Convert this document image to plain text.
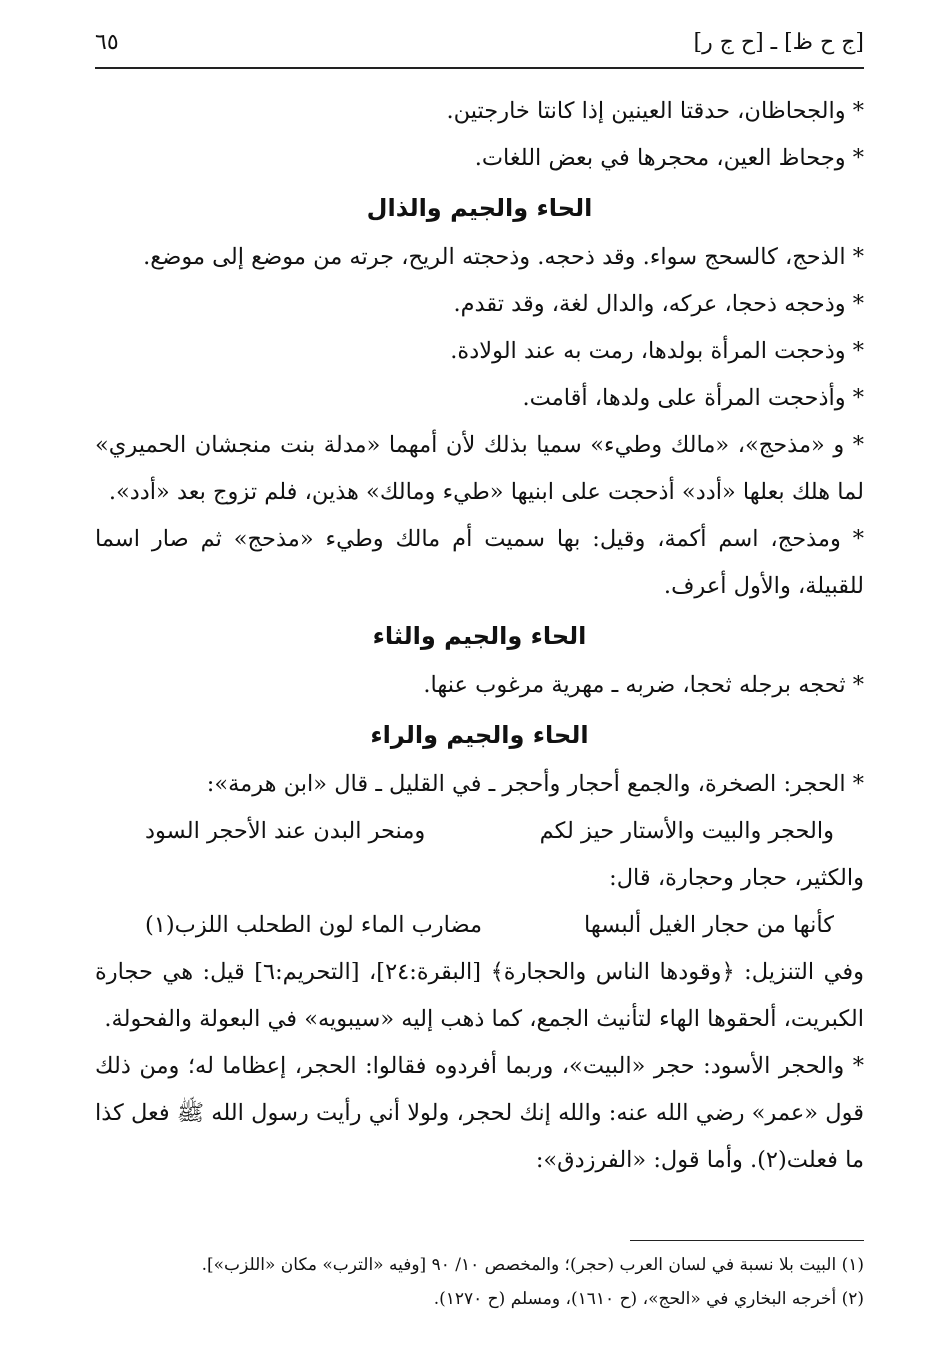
[ج ح ظ] ـ [ح ج ر]
٦٥

* والجحاظان، حدقتا العينين إذا كانتا خارجتين.

* وجحاظ العين، محجرها في بعض اللغات.

الحاء والجيم والذال

* الذحج، كالسحج سواء. وقد ذحجه. وذحجته الريح، جرته من موضع إلى موضع.

* وذحجه ذحجا، عركه، والدال لغة، وقد تقدم.

* وذحجت المرأة بولدها، رمت به عند الولادة.

* وأذحجت المرأة على ولدها، أقامت.

* و «مذحج»، «مالك وطيء» سميا بذلك لأن أمهما «مدلة بنت منجشان الحميري» لما هلك بعلها «أدد» أذحجت على ابنيها «طيء ومالك» هذين، فلم تزوج بعد «أدد».

* ومذحج، اسم أكمة، وقيل: بها سميت أم مالك وطيء «مذحج» ثم صار اسما للقبيلة، والأول أعرف.

الحاء والجيم والثاء

* ثحجه برجله ثحجا، ضربه ـ مهرية مرغوب عنها.

الحاء والجيم والراء

* الحجر: الصخرة، والجمع أحجار وأحجر ـ في القليل ـ قال «ابن هرمة»:

والحجر والبيت والأستار حيز لكم
ومنحر البدن عند الأحجر السود

والكثير، حجار وحجارة، قال:

كأنها من حجار الغيل ألبسها
مضارب الماء لون الطحلب اللزب(١)

وفي التنزيل: ﴿وقودها الناس والحجارة﴾ [البقرة:٢٤]، [التحريم:٦] قيل: هي حجارة الكبريت، ألحقوها الهاء لتأنيث الجمع، كما ذهب إليه «سيبويه» في البعولة والفحولة.

* والحجر الأسود: حجر «البيت»، وربما أفردوه فقالوا: الحجر، إعظاما له؛ ومن ذلك قول «عمر» رضي الله عنه: والله إنك لحجر، ولولا أني رأيت رسول الله ﷺ فعل كذا ما فعلت(٢). وأما قول: «الفرزدق»:

(١) البيت بلا نسبة في لسان العرب (حجر)؛ والمخصص ١٠/ ٩٠ [وفيه «الترب» مكان «اللزب»].

(٢) أخرجه البخاري في «الحج»، (ح ١٦١٠)، ومسلم (ح ١٢٧٠).
